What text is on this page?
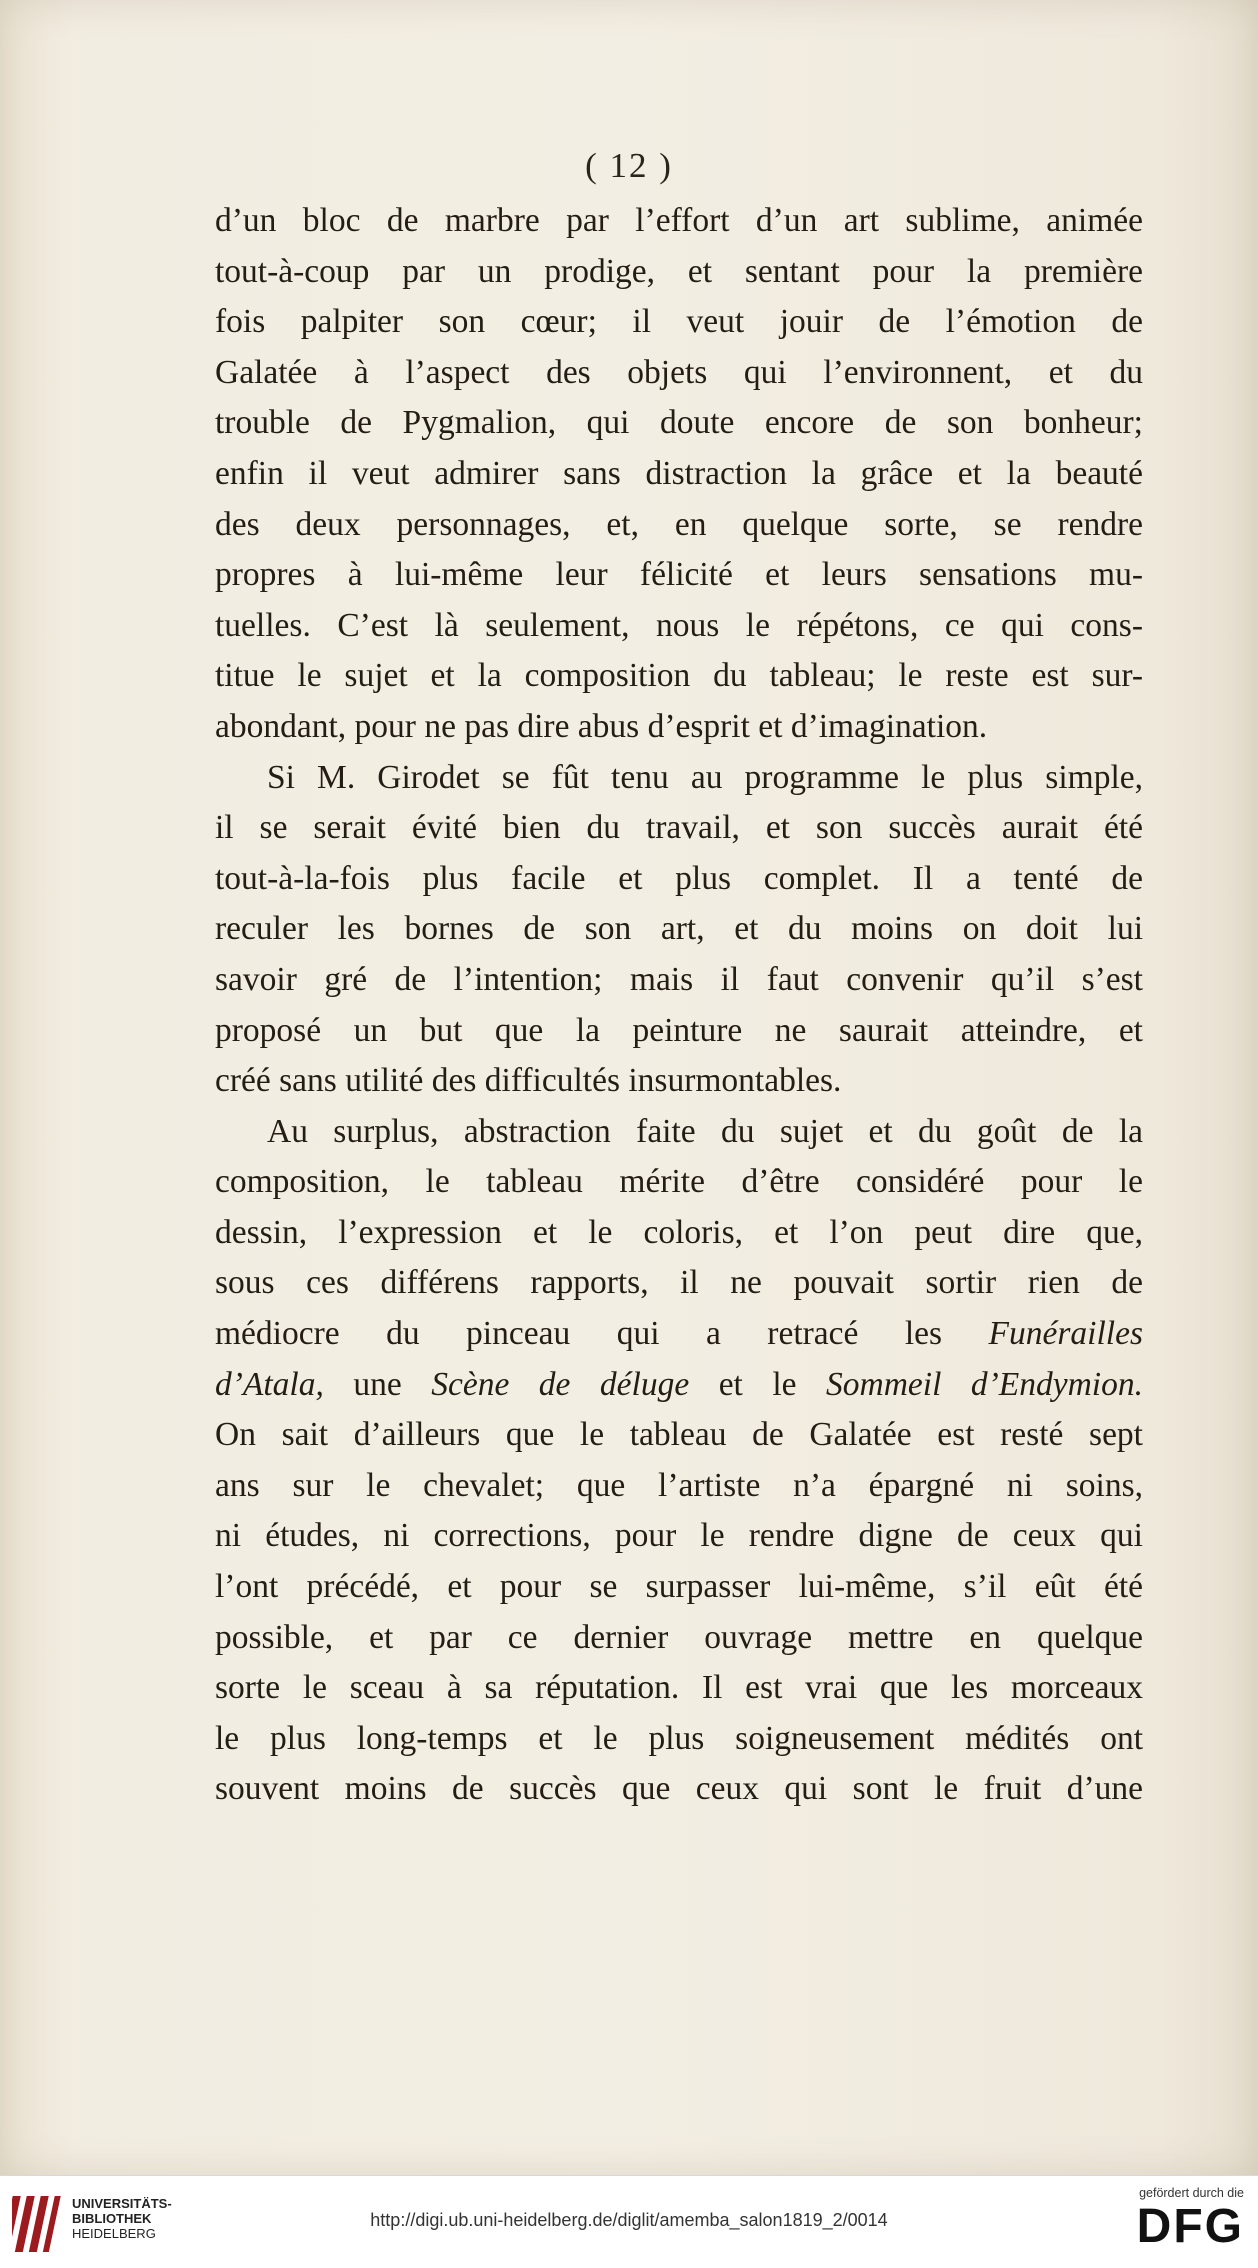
( 12 )
d’un bloc de marbre par l’effort d’un art sublime, animée
tout-à-coup par un prodige, et sentant pour la première
fois palpiter son cœur; il veut jouir de l’émotion de
Galatée à l’aspect des objets qui l’environnent, et du
trouble de Pygmalion, qui doute encore de son bonheur;
enfin il veut admirer sans distraction la grâce et la beauté
des deux personnages, et, en quelque sorte, se rendre
propres à lui-même leur félicité et leurs sensations mu-
tuelles. C’est là seulement, nous le répétons, ce qui cons-
titue le sujet et la composition du tableau; le reste est sur-
abondant, pour ne pas dire abus d’esprit et d’imagination.
Si M. Girodet se fût tenu au programme le plus simple,
il se serait évité bien du travail, et son succès aurait été
tout-à-la-fois plus facile et plus complet. Il a tenté de
reculer les bornes de son art, et du moins on doit lui
savoir gré de l’intention; mais il faut convenir qu’il s’est
proposé un but que la peinture ne saurait atteindre, et
créé sans utilité des difficultés insurmontables.
Au surplus, abstraction faite du sujet et du goût de la
composition, le tableau mérite d’être considéré pour le
dessin, l’expression et le coloris, et l’on peut dire que,
sous ces différens rapports, il ne pouvait sortir rien de
médiocre du pinceau qui a retracé les Funérailles
d’Atala, une Scène de déluge et le Sommeil d’Endymion.
On sait d’ailleurs que le tableau de Galatée est resté sept
ans sur le chevalet; que l’artiste n’a épargné ni soins,
ni études, ni corrections, pour le rendre digne de ceux qui
l’ont précédé, et pour se surpasser lui-même, s’il eût été
possible, et par ce dernier ouvrage mettre en quelque
sorte le sceau à sa réputation. Il est vrai que les morceaux
le plus long-temps et le plus soigneusement médités ont
souvent moins de succès que ceux qui sont le fruit d’une
UNIVERSITÄTS-
BIBLIOTHEK
HEIDELBERG
http://digi.ub.uni-heidelberg.de/diglit/amemba_salon1819_2/0014
gefördert durch die
DFG
